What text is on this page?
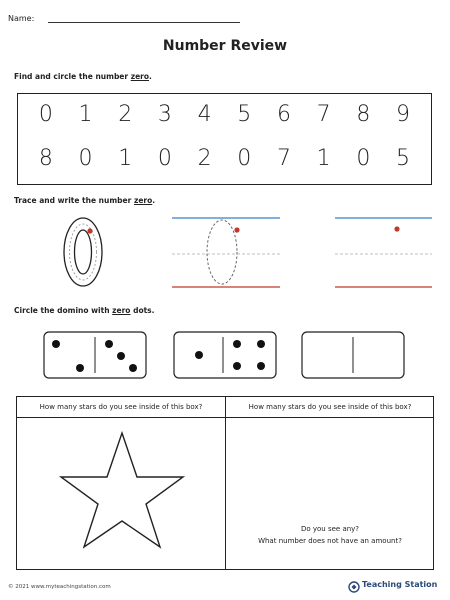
Name:
Number Review
Find and circle the number zero.
0 1 2 3 4 5 6 7 8 9
8 0 1 0 2 0 7 1 0 5
Trace and write the number zero.
Circle the domino with zero dots.
How many stars do you see inside of this box?	How many stars do you see inside of this box?
Do you see any?
What number does not have an amount?
© 2021 www.myteachingstation.com	Teaching Station
